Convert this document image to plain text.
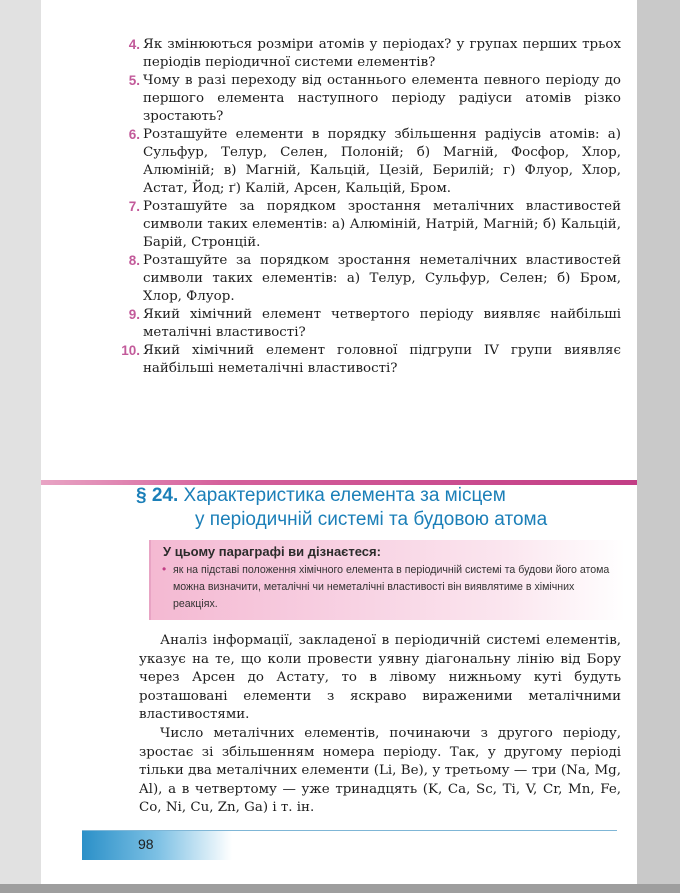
4. Як змінюються розміри атомів у періодах? у групах перших трьох періодів періодичної системи елементів?
5. Чому в разі переходу від останнього елемента певного періоду до першого елемента наступного періоду радіуси атомів різко зростають?
6. Розташуйте елементи в порядку збільшення радіусів атомів: а) Сульфур, Телур, Селен, Полоній; б) Магній, Фосфор, Хлор, Алюміній; в) Магній, Кальцій, Цезій, Берилій; г) Флуор, Хлор, Астат, Йод; ґ) Калій, Арсен, Кальцій, Бром.
7. Розташуйте за порядком зростання металічних властивостей символи таких елементів: а) Алюміній, Натрій, Магній; б) Кальцій, Барій, Стронцій.
8. Розташуйте за порядком зростання неметалічних властивостей символи таких елементів: а) Телур, Сульфур, Селен; б) Бром, Хлор, Флуор.
9. Який хімічний елемент четвертого періоду виявляє найбільші металічні властивості?
10. Який хімічний елемент головної підгрупи IV групи виявляє найбільші неметалічні властивості?
§ 24. Характеристика елемента за місцем
у періодичній системі та будовою атома
У цьому параграфі ви дізнаєтеся:
• як на підставі положення хімічного елемента в періодичній системі та будови його атома можна визначити, металічні чи неметалічні властивості він виявлятиме в хімічних реакціях.

Аналіз інформації, закладеної в періодичній системі елементів, указує на те, що коли провести уявну діагональну лінію від Бору через Арсен до Астату, то в лівому нижньому куті будуть розташовані елементи з яскраво вираженими металічними властивостями.

Число металічних елементів, починаючи з другого періоду, зростає зі збільшенням номера періоду. Так, у другому періоді тільки два металічних елементи (Li, Be), у третьому — три (Na, Mg, Al), а в четвертому — уже тринадцять (K, Ca, Sc, Ti, V, Cr, Mn, Fe, Co, Ni, Cu, Zn, Ga) і т. ін.

98
